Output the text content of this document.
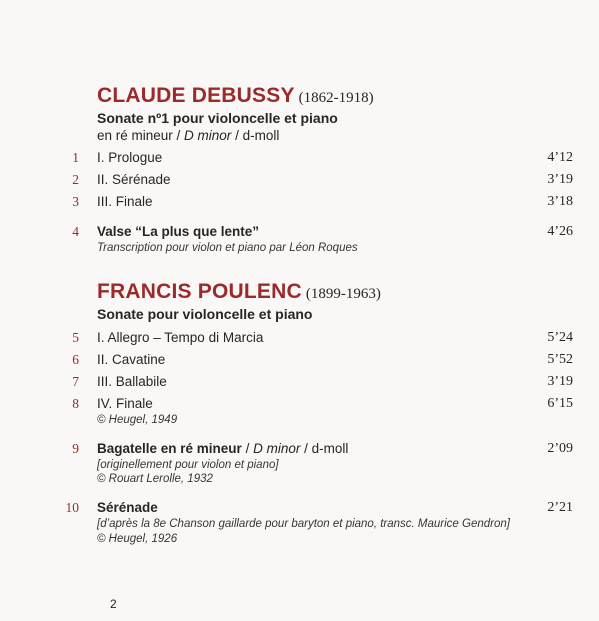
CLAUDE DEBUSSY (1862-1918)
Sonate nº1 pour violoncelle et piano
en ré mineur / D minor / d-moll
1 I. Prologue	4’12
2 II. Sérénade	3’19
3 III. Finale	3’18
4 Valse “La plus que lente”	4’26
Transcription pour violon et piano par Léon Roques
FRANCIS POULENC (1899-1963)
Sonate pour violoncelle et piano
5 I. Allegro – Tempo di Marcia	5’24
6 II. Cavatine	5’52
7 III. Ballabile	3’19
8 IV. Finale	6’15
© Heugel, 1949
9 Bagatelle en ré mineur / D minor / d-moll	2’09
[originellement pour violon et piano]
© Rouart Lerolle, 1932
10 Sérénade	2’21
[d’après la 8e Chanson gaillarde pour baryton et piano, transc. Maurice Gendron]
© Heugel, 1926
2
